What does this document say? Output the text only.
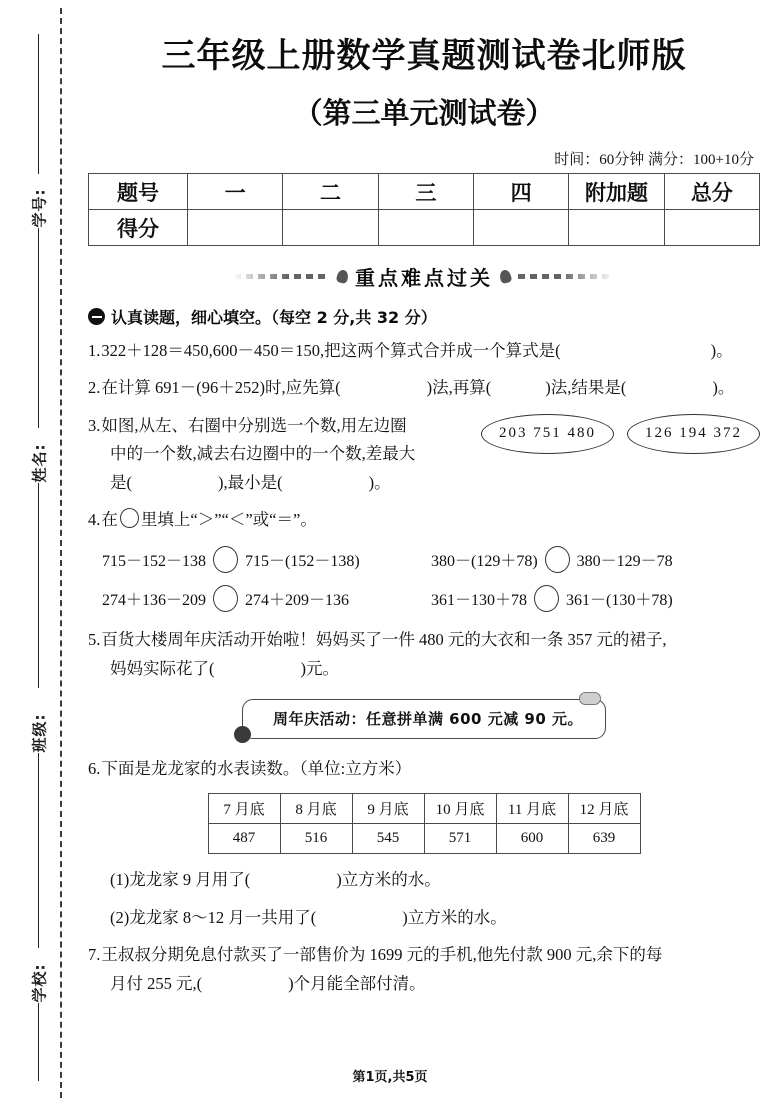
学号:
姓名:
班级:
学校:
三年级上册数学真题测试卷北师版
（第三单元测试卷）
时间：60分钟 满分：100+10分
题号	一	二	三	四	附加题	总分
得分						
重点难点过关
认真读题，细心填空。（每空 2 分,共 32 分）
1.322＋128＝450,600－450＝150,把这两个算式合并成一个算式是(	)。
2.在计算 691－(96＋252)时,应先算(	)法,再算(	)法,结果是(	)。
203 751 480	126 194 372
3.如图,从左、右圈中分别选一个数,用左边圈
中的一个数,减去右边圈中的一个数,差最大
是(	),最小是(	)。
4.在 里填上“＞”“＜”或“＝”。
715－152－138 715－(152－138)	380－(129＋78) 380－129－78
274＋136－209 274＋209－136	361－130＋78 361－(130＋78)
5.百货大楼周年庆活动开始啦！妈妈买了一件 480 元的大衣和一条 357 元的裙子,
妈妈实际花了(	)元。
周年庆活动：任意拼单满 600 元减 90 元。
6.下面是龙龙家的水表读数。（单位:立方米）
7 月底	8 月底	9 月底	10 月底	11 月底	12 月底
487	516	545	571	600	639
(1)龙龙家 9 月用了(	)立方米的水。
(2)龙龙家 8～12 月一共用了(	)立方米的水。
7.王叔叔分期免息付款买了一部售价为 1699 元的手机,他先付款 900 元,余下的每
月付 255 元,(	)个月能全部付清。
第1页,共5页
